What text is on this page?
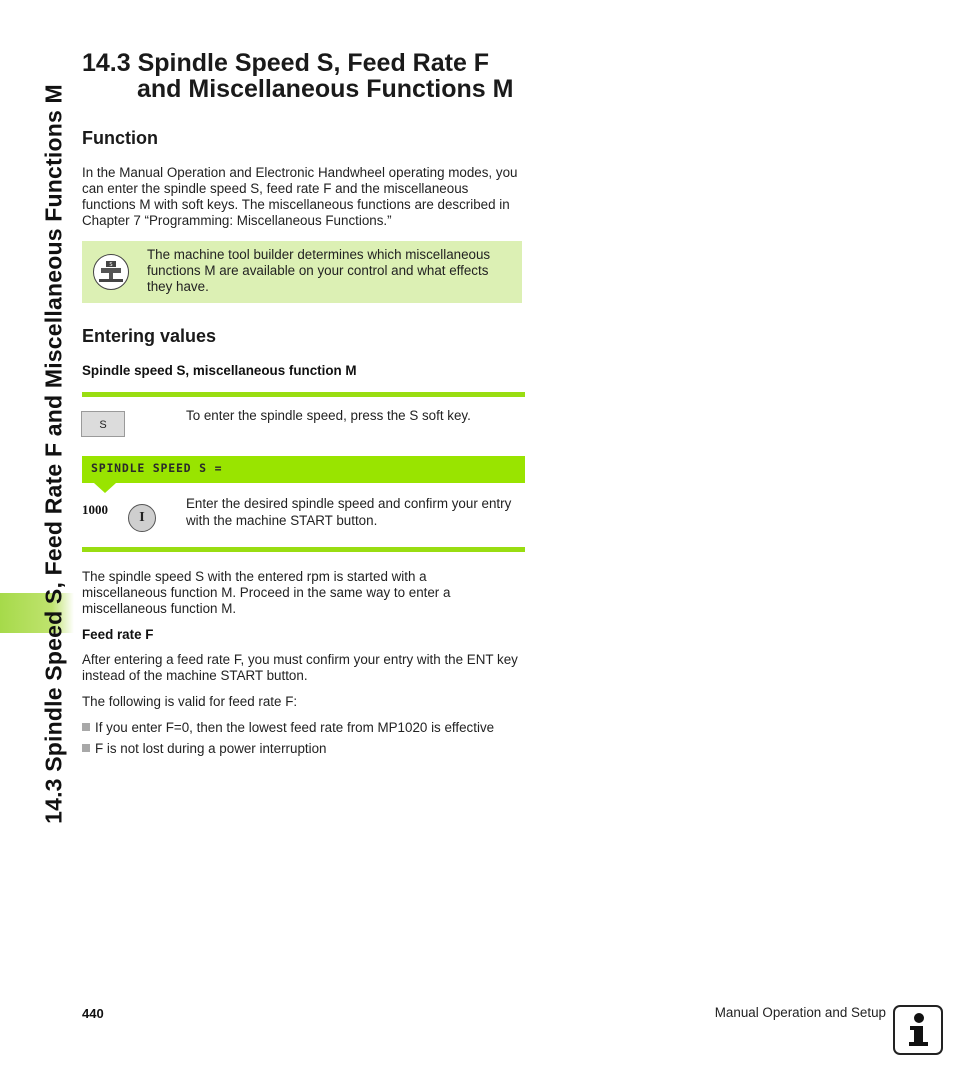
14.3 Spindle Speed S, Feed Rate F and Miscellaneous Functions M
14.3 Spindle Speed S, Feed Rate F
and Miscellaneous Functions M
Function
In the Manual Operation and Electronic Handwheel operating modes, you can enter the spindle speed S, feed rate F and the miscellaneous functions M with soft keys. The miscellaneous functions are described in Chapter 7 “Programming: Miscellaneous Functions.”
S
The machine tool builder determines which miscellaneous functions M are available on your control and what effects they have.
Entering values
Spindle speed S, miscellaneous function M
S
To enter the spindle speed, press the S soft key.
SPINDLE SPEED S =
1000
I
Enter the desired spindle speed and confirm your entry with the machine START button.
The spindle speed S with the entered rpm is started with a miscellaneous function M. Proceed in the same way to enter a miscellaneous function M.
Feed rate F
After entering a feed rate F, you must confirm your entry with the ENT key instead of the machine START button.
The following is valid for feed rate F:
If you enter F=0, then the lowest feed rate from MP1020 is effective
F is not lost during a power interruption
440	Manual Operation and Setup
